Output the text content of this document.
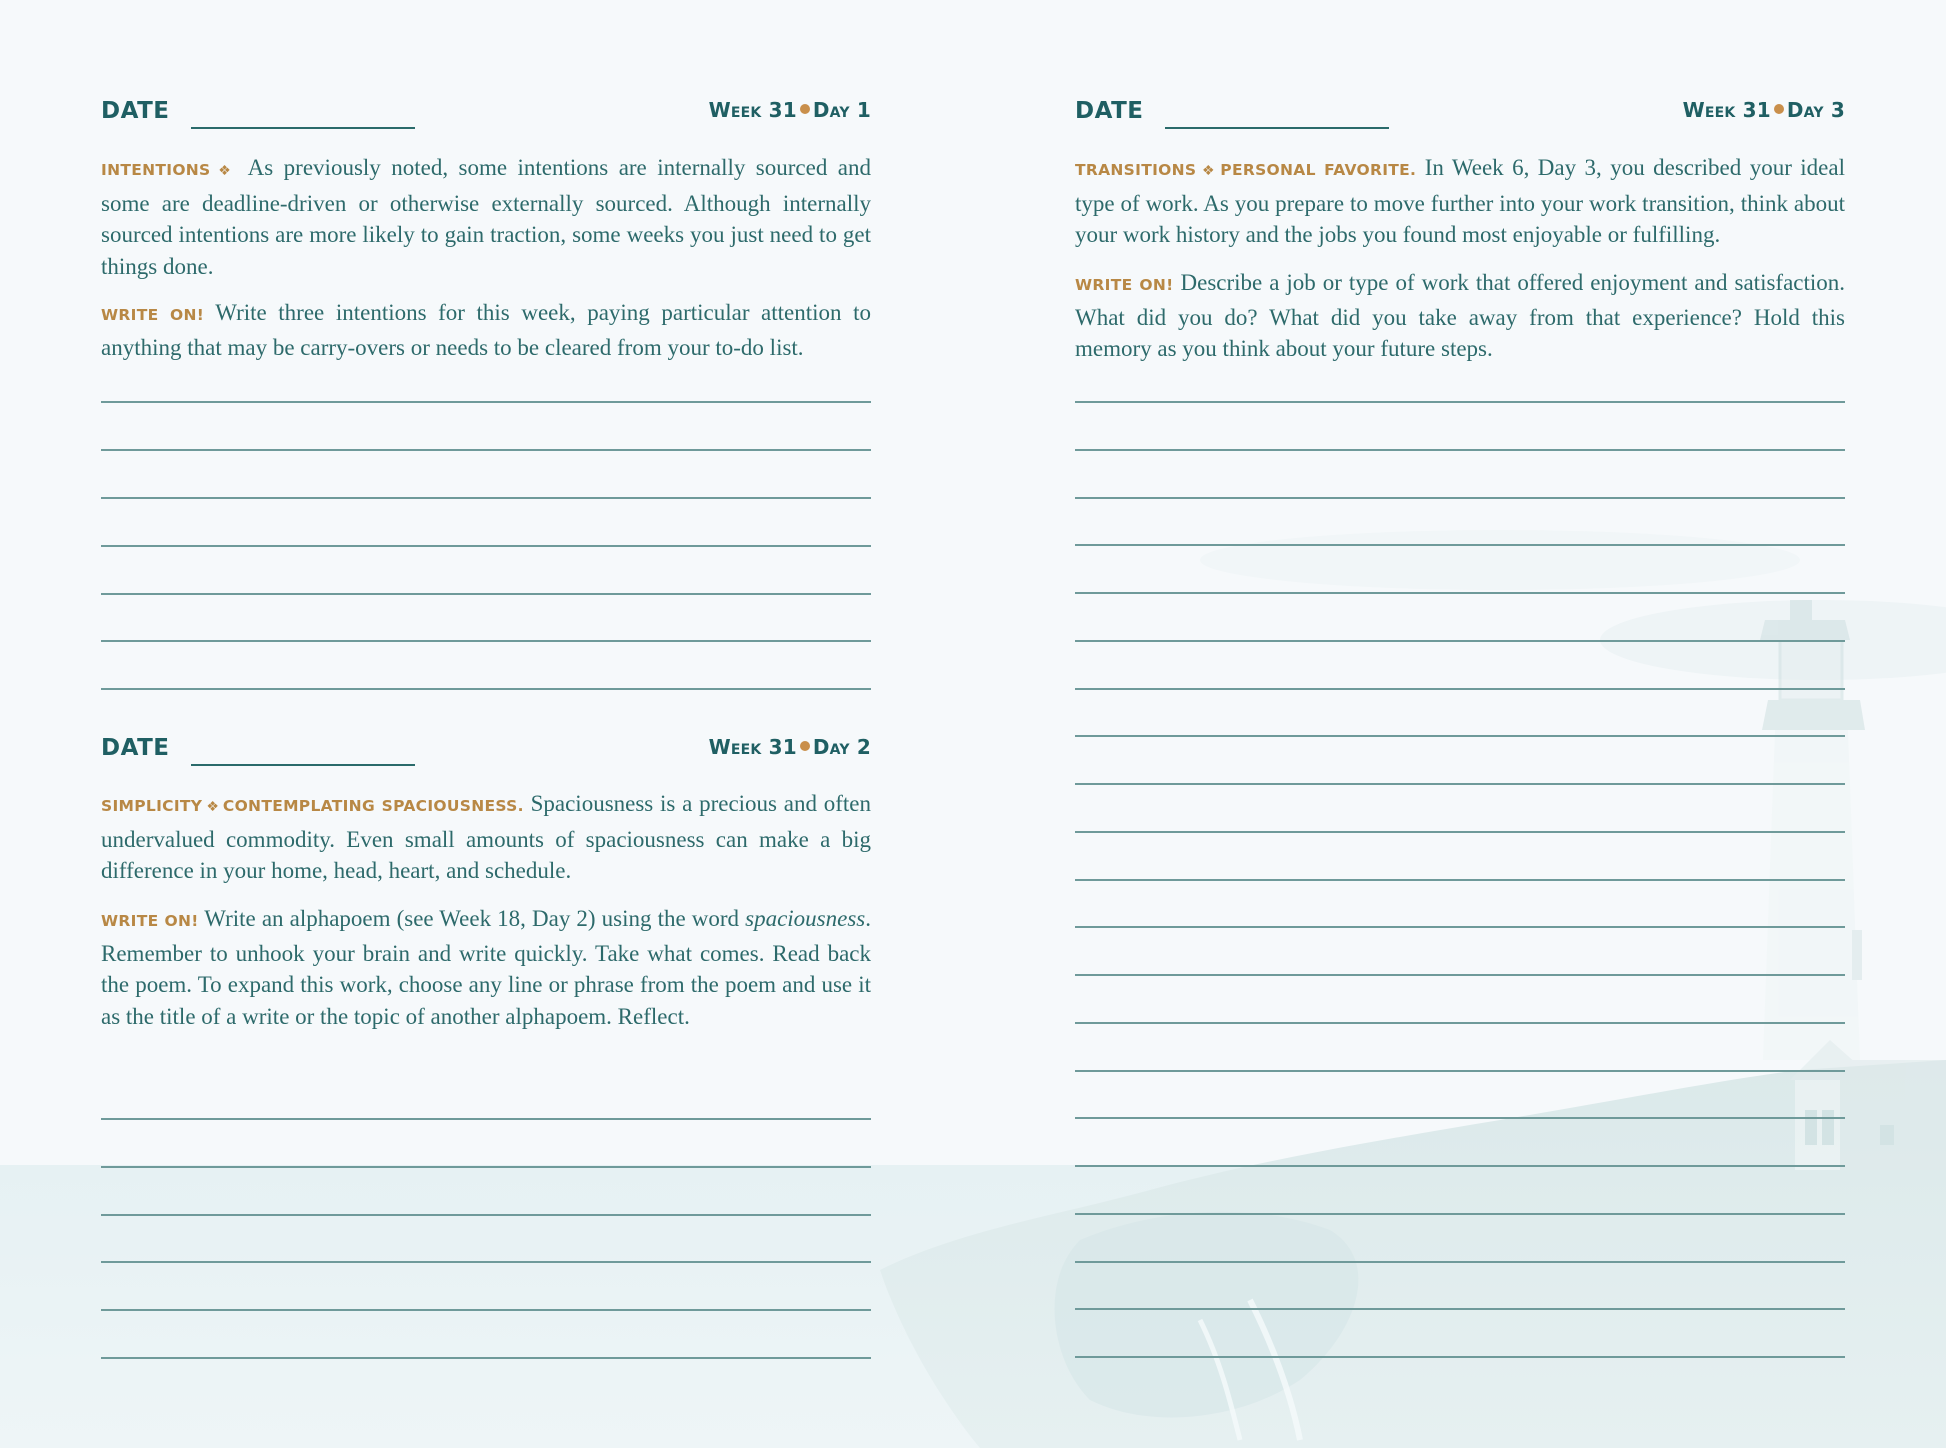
DATE	Week 31 Day 1

INTENTIONS ❖ As previously noted, some intentions are internally sourced and some are deadline-driven or otherwise externally sourced. Although internally sourced intentions are more likely to gain traction, some weeks you just need to get things done.

WRITE ON! Write three intentions for this week, paying particular attention to anything that may be carry-overs or needs to be cleared from your to-do list.

DATE	Week 31 Day 2

SIMPLICITY ❖ CONTEMPLATING SPACIOUSNESS. Spaciousness is a precious and often undervalued commodity. Even small amounts of spaciousness can make a big difference in your home, head, heart, and schedule.

WRITE ON! Write an alphapoem (see Week 18, Day 2) using the word spaciousness. Remember to unhook your brain and write quickly. Take what comes. Read back the poem. To expand this work, choose any line or phrase from the poem and use it as the title of a write or the topic of another alphapoem. Reflect.

DATE	Week 31 Day 3

TRANSITIONS ❖ PERSONAL FAVORITE. In Week 6, Day 3, you described your ideal type of work. As you prepare to move further into your work transition, think about your work history and the jobs you found most enjoyable or fulfilling.

WRITE ON! Describe a job or type of work that offered enjoyment and satisfaction. What did you do? What did you take away from that experience? Hold this memory as you think about your future steps.
